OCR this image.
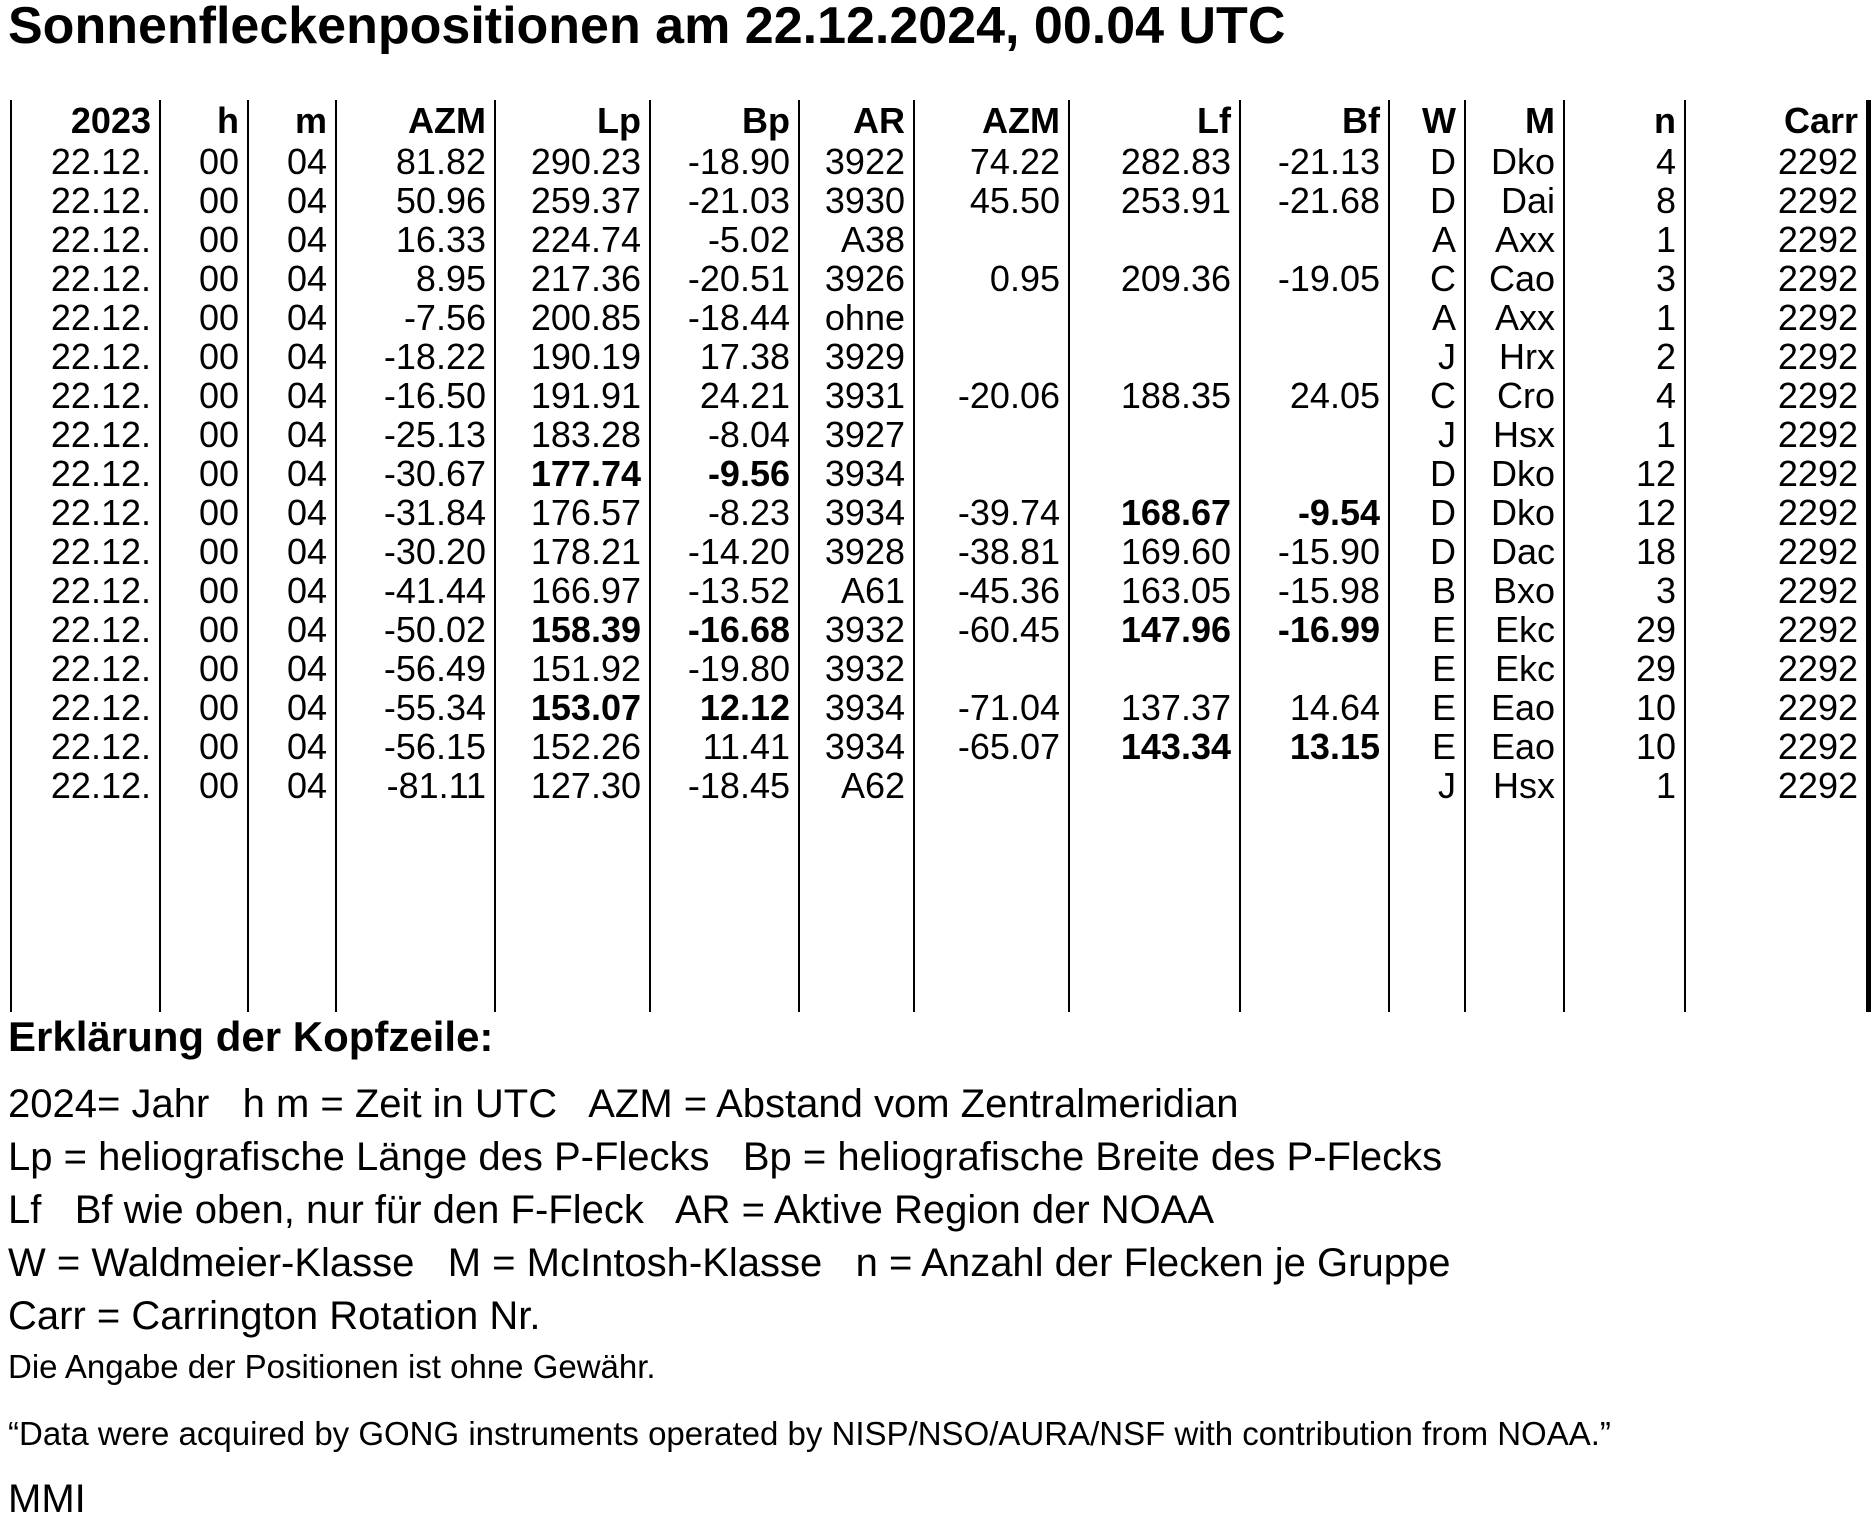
Sonnenfleckenpositionen am 22.12.2024, 00.04 UTC
2023	h	m	AZM	Lp	Bp	AR	AZM	Lf	Bf	W	M	n	Carr
22.12.	00	04	81.82	290.23	-18.90	3922	74.22	282.83	-21.13	D	Dko	4	2292
22.12.	00	04	50.96	259.37	-21.03	3930	45.50	253.91	-21.68	D	Dai	8	2292
22.12.	00	04	16.33	224.74	-5.02	A38				A	Axx	1	2292
22.12.	00	04	8.95	217.36	-20.51	3926	0.95	209.36	-19.05	C	Cao	3	2292
22.12.	00	04	-7.56	200.85	-18.44	ohne				A	Axx	1	2292
22.12.	00	04	-18.22	190.19	17.38	3929				J	Hrx	2	2292
22.12.	00	04	-16.50	191.91	24.21	3931	-20.06	188.35	24.05	C	Cro	4	2292
22.12.	00	04	-25.13	183.28	-8.04	3927				J	Hsx	1	2292
22.12.	00	04	-30.67	177.74	-9.56	3934				D	Dko	12	2292
22.12.	00	04	-31.84	176.57	-8.23	3934	-39.74	168.67	-9.54	D	Dko	12	2292
22.12.	00	04	-30.20	178.21	-14.20	3928	-38.81	169.60	-15.90	D	Dac	18	2292
22.12.	00	04	-41.44	166.97	-13.52	A61	-45.36	163.05	-15.98	B	Bxo	3	2292
22.12.	00	04	-50.02	158.39	-16.68	3932	-60.45	147.96	-16.99	E	Ekc	29	2292
22.12.	00	04	-56.49	151.92	-19.80	3932				E	Ekc	29	2292
22.12.	00	04	-55.34	153.07	12.12	3934	-71.04	137.37	14.64	E	Eao	10	2292
22.12.	00	04	-56.15	152.26	11.41	3934	-65.07	143.34	13.15	E	Eao	10	2292
22.12.	00	04	-81.11	127.30	-18.45	A62				J	Hsx	1	2292

Erklärung der Kopfzeile:
2024= Jahr   h m = Zeit in UTC   AZM = Abstand vom Zentralmeridian
Lp = heliografische Länge des P-Flecks   Bp = heliografische Breite des P-Flecks
Lf   Bf wie oben, nur für den F-Fleck   AR = Aktive Region der NOAA
W = Waldmeier-Klasse   M = McIntosh-Klasse   n = Anzahl der Flecken je Gruppe
Carr = Carrington Rotation Nr.
Die Angabe der Positionen ist ohne Gewähr.
“Data were acquired by GONG instruments operated by NISP/NSO/AURA/NSF with contribution from NOAA.”
MMI
